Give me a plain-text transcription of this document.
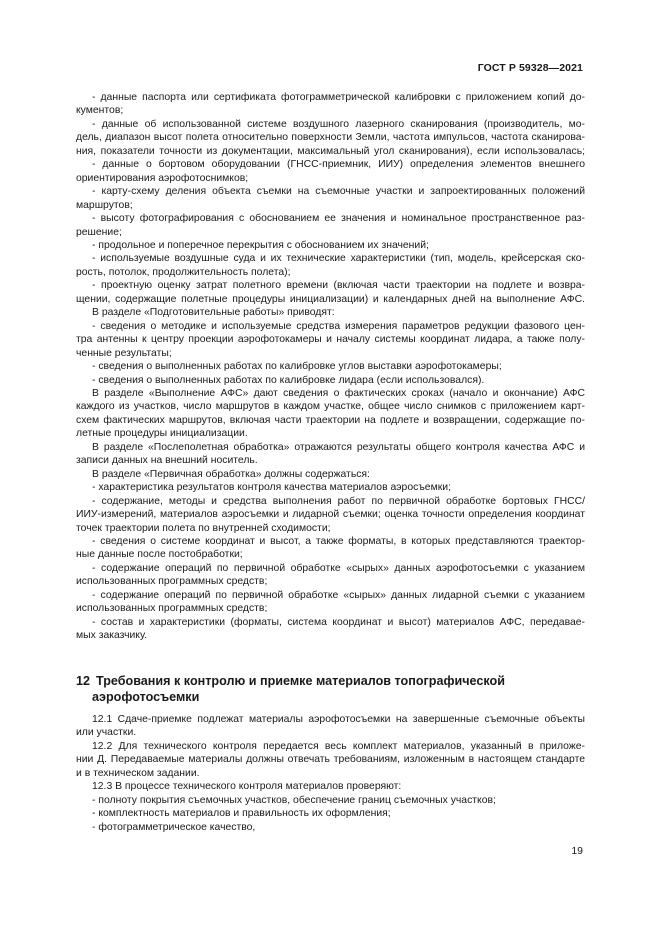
ГОСТ Р 59328—2021
- данные паспорта или сертификата фотограмметрической калибровки с приложением копий до-
кументов;
- данные об использованной системе воздушного лазерного сканирования (производитель, мо-
дель, диапазон высот полета относительно поверхности Земли, частота импульсов, частота сканирова-
ния, показатели точности из документации, максимальный угол сканирования), если использовалась;
- данные о бортовом оборудовании (ГНСС-приемник, ИИУ) определения элементов внешнего
ориентирования аэрофотоснимков;
- карту-схему деления объекта съемки на съемочные участки и запроектированных положений
маршрутов;
- высоту фотографирования с обоснованием ее значения и номинальное пространственное раз-
решение;
- продольное и поперечное перекрытия с обоснованием их значений;
- используемые воздушные суда и их технические характеристики (тип, модель, крейсерская ско-
рость, потолок, продолжительность полета);
- проектную оценку затрат полетного времени (включая части траектории на подлете и возвра-
щении, содержащие полетные процедуры инициализации) и календарных дней на выполнение АФС.
В разделе «Подготовительные работы» приводят:
- сведения о методике и используемые средства измерения параметров редукции фазового цен-
тра антенны к центру проекции аэрофотокамеры и началу системы координат лидара, а также полу-
ченные результаты;
- сведения о выполненных работах по калибровке углов выставки аэрофотокамеры;
- сведения о выполненных работах по калибровке лидара (если использовался).
В разделе «Выполнение АФС» дают сведения о фактических сроках (начало и окончание) АФС
каждого из участков, число маршрутов в каждом участке, общее число снимков с приложением карт-
схем фактических маршрутов, включая части траектории на подлете и возвращении, содержащие по-
летные процедуры инициализации.
В разделе «Послеполетная обработка» отражаются результаты общего контроля качества АФС и
записи данных на внешний носитель.
В разделе «Первичная обработка» должны содержаться:
- характеристика результатов контроля качества материалов аэросъемки;
- содержание, методы и средства выполнения работ по первичной обработке бортовых ГНСС/
ИИУ-измерений, материалов аэросъемки и лидарной съемки; оценка точности определения координат
точек траектории полета по внутренней сходимости;
- сведения о системе координат и высот, а также форматы, в которых представляются траектор-
ные данные после постобработки;
- содержание операций по первичной обработке «сырых» данных аэрофотосъемки с указанием
использованных программных средств;
- содержание операций по первичной обработке «сырых» данных лидарной съемки с указанием
использованных программных средств;
- состав и характеристики (форматы, система координат и высот) материалов АФС, передавае-
мых заказчику.
12 Требования к контролю и приемке материалов топографической
аэрофотосъемки
12.1 Сдаче-приемке подлежат материалы аэрофотосъемки на завершенные съемочные объекты
или участки.
12.2 Для технического контроля передается весь комплект материалов, указанный в приложе-
нии Д. Передаваемые материалы должны отвечать требованиям, изложенным в настоящем стандарте
и в техническом задании.
12.3 В процессе технического контроля материалов проверяют:
- полноту покрытия съемочных участков, обеспечение границ съемочных участков;
- комплектность материалов и правильность их оформления;
- фотограмметрическое качество,
19
